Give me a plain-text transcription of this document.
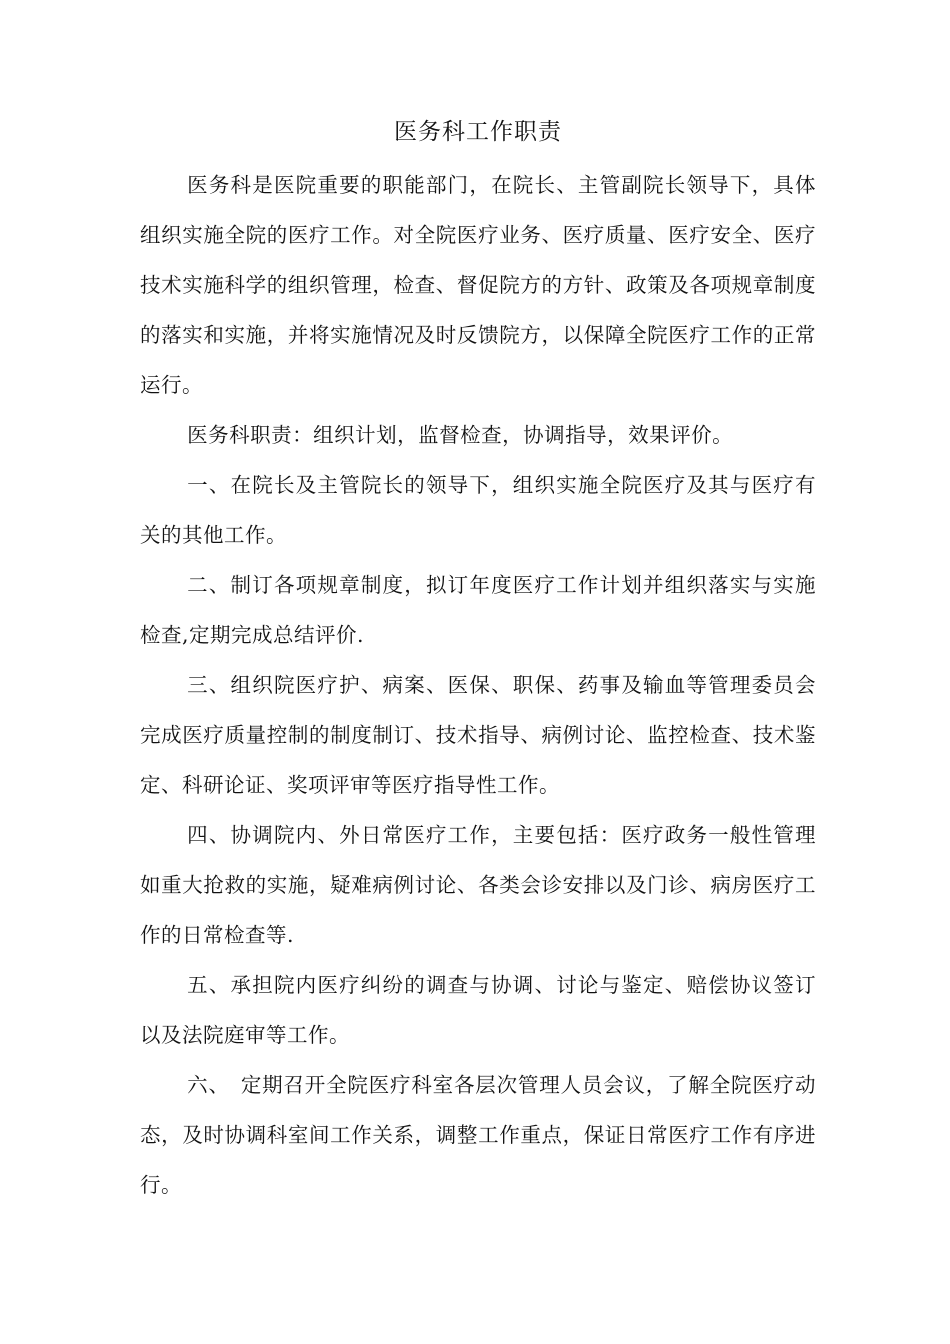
医务科工作职责

医务科是医院重要的职能部门，在院长、主管副院长领导下，具体组织实施全院的医疗工作。对全院医疗业务、医疗质量、医疗安全、医疗技术实施科学的组织管理，检查、督促院方的方针、政策及各项规章制度的落实和实施，并将实施情况及时反馈院方，以保障全院医疗工作的正常运行。

医务科职责：组织计划，监督检查，协调指导，效果评价。

一、在院长及主管院长的领导下，组织实施全院医疗及其与医疗有关的其他工作。

二、制订各项规章制度，拟订年度医疗工作计划并组织落实与实施检查,定期完成总结评价.

三、组织院医疗护、病案、医保、职保、药事及输血等管理委员会完成医疗质量控制的制度制订、技术指导、病例讨论、监控检查、技术鉴定、科研论证、奖项评审等医疗指导性工作。

四、协调院内、外日常医疗工作，主要包括：医疗政务一般性管理如重大抢救的实施，疑难病例讨论、各类会诊安排以及门诊、病房医疗工作的日常检查等.

五、承担院内医疗纠纷的调查与协调、讨论与鉴定、赔偿协议签订以及法院庭审等工作。

六、　定期召开全院医疗科室各层次管理人员会议，了解全院医疗动态，及时协调科室间工作关系，调整工作重点，保证日常医疗工作有序进行。
